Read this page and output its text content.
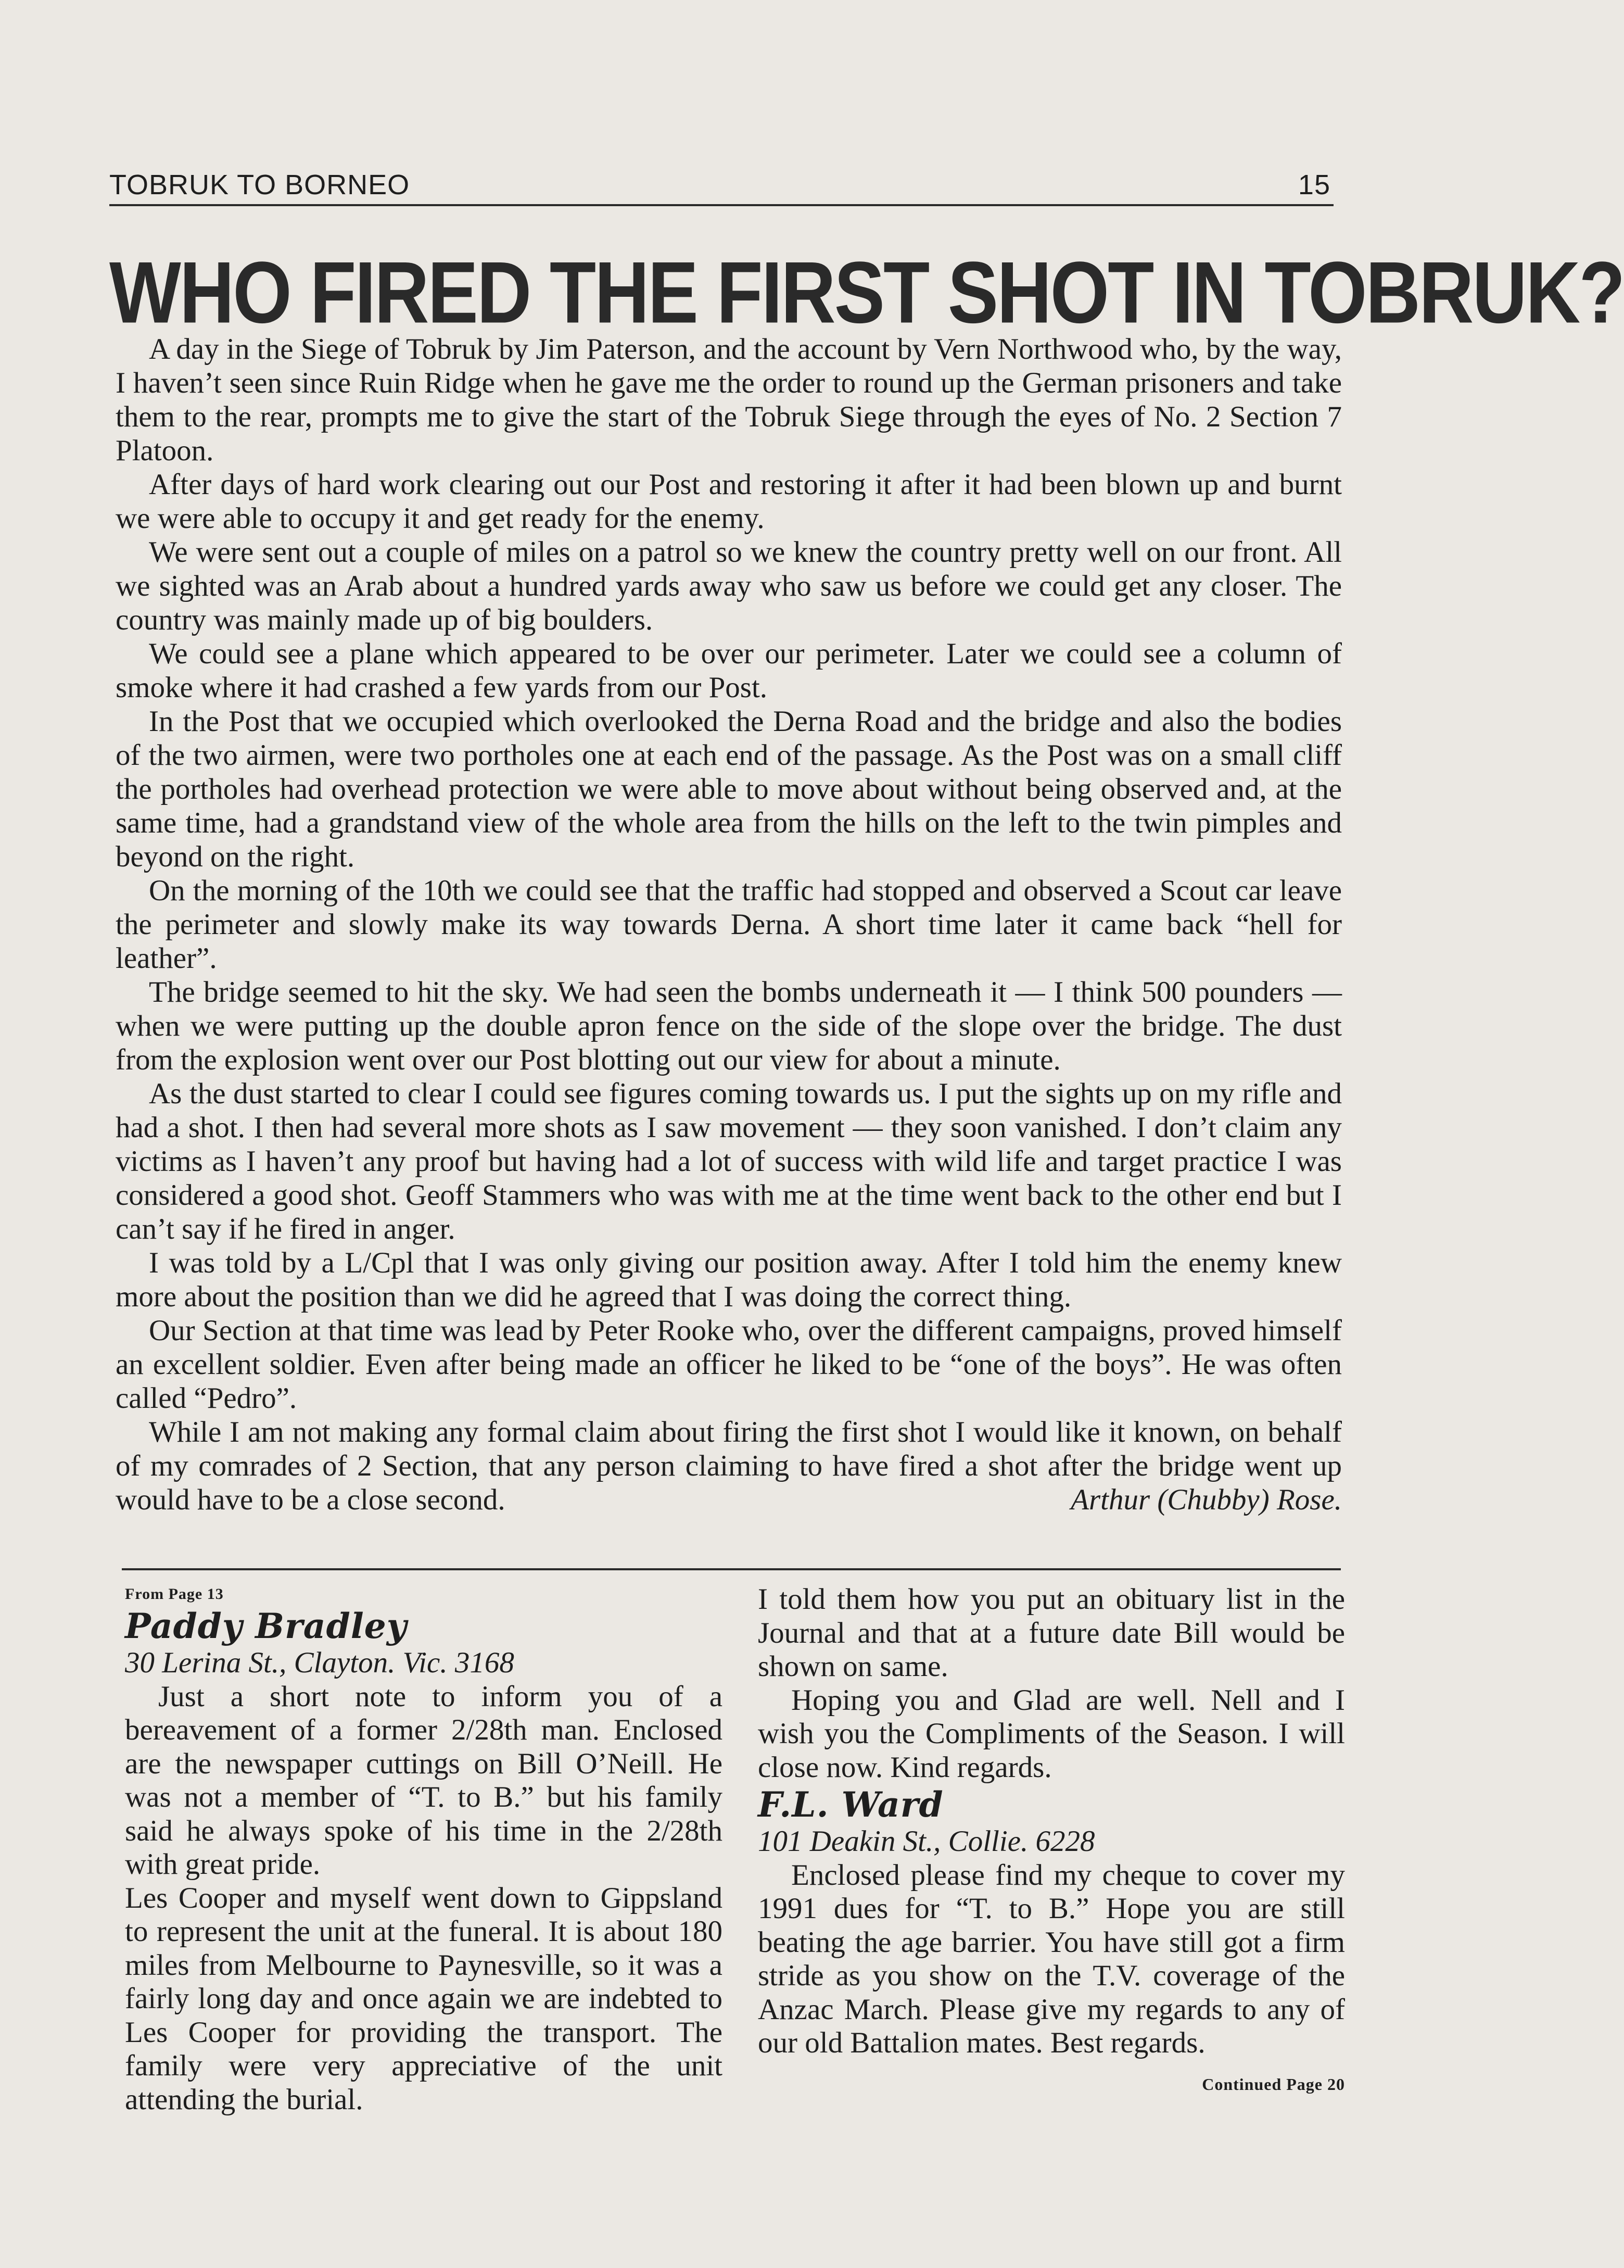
TOBRUK TO BORNEO	15
WHO FIRED THE FIRST SHOT IN TOBRUK?

A day in the Siege of Tobruk by Jim Paterson, and the account by Vern Northwood who, by the way, I haven’t seen since Ruin Ridge when he gave me the order to round up the German prisoners and take them to the rear, prompts me to give the start of the Tobruk Siege through the eyes of No. 2 Section 7 Platoon.

After days of hard work clearing out our Post and restoring it after it had been blown up and burnt we were able to occupy it and get ready for the enemy.

We were sent out a couple of miles on a patrol so we knew the country pretty well on our front. All we sighted was an Arab about a hundred yards away who saw us before we could get any closer. The country was mainly made up of big boulders.

We could see a plane which appeared to be over our perimeter. Later we could see a column of smoke where it had crashed a few yards from our Post.

In the Post that we occupied which overlooked the Derna Road and the bridge and also the bodies of the two airmen, were two portholes one at each end of the passage. As the Post was on a small cliff the portholes had overhead protection we were able to move about without being observed and, at the same time, had a grandstand view of the whole area from the hills on the left to the twin pimples and beyond on the right.

On the morning of the 10th we could see that the traffic had stopped and observed a Scout car leave the perimeter and slowly make its way towards Derna. A short time later it came back “hell for leather”.

The bridge seemed to hit the sky. We had seen the bombs underneath it — I think 500 pounders — when we were putting up the double apron fence on the side of the slope over the bridge. The dust from the explosion went over our Post blotting out our view for about a minute.

As the dust started to clear I could see figures coming towards us. I put the sights up on my rifle and had a shot. I then had several more shots as I saw movement — they soon vanished. I don’t claim any victims as I haven’t any proof but having had a lot of success with wild life and target practice I was considered a good shot. Geoff Stammers who was with me at the time went back to the other end but I can’t say if he fired in anger.

I was told by a L/Cpl that I was only giving our position away. After I told him the enemy knew more about the position than we did he agreed that I was doing the correct thing.

Our Section at that time was lead by Peter Rooke who, over the different campaigns, proved himself an excellent soldier. Even after being made an officer he liked to be “one of the boys”. He was often called “Pedro”.

While I am not making any formal claim about firing the first shot I would like it known, on behalf of my comrades of 2 Section, that any person claiming to have fired a shot after the bridge went up would have to be a close second.	Arthur (Chubby) Rose.

From Page 13

Paddy Bradley

30 Lerina St., Clayton. Vic. 3168

Just a short note to inform you of a bereavement of a former 2/28th man. Enclosed are the newspaper cuttings on Bill O’Neill. He was not a member of “T. to B.” but his family said he always spoke of his time in the 2/28th with great pride.

Les Cooper and myself went down to Gippsland to represent the unit at the funeral. It is about 180 miles from Melbourne to Paynesville, so it was a fairly long day and once again we are indebted to Les Cooper for providing the transport. The family were very appreciative of the unit attending the burial.

I told them how you put an obituary list in the Journal and that at a future date Bill would be shown on same.

Hoping you and Glad are well. Nell and I wish you the Compliments of the Season. I will close now. Kind regards.

F.L. Ward

101 Deakin St., Collie. 6228

Enclosed please find my cheque to cover my 1991 dues for “T. to B.” Hope you are still beating the age barrier. You have still got a firm stride as you show on the T.V. coverage of the Anzac March. Please give my regards to any of our old Battalion mates. Best regards.
Continued Page 20
